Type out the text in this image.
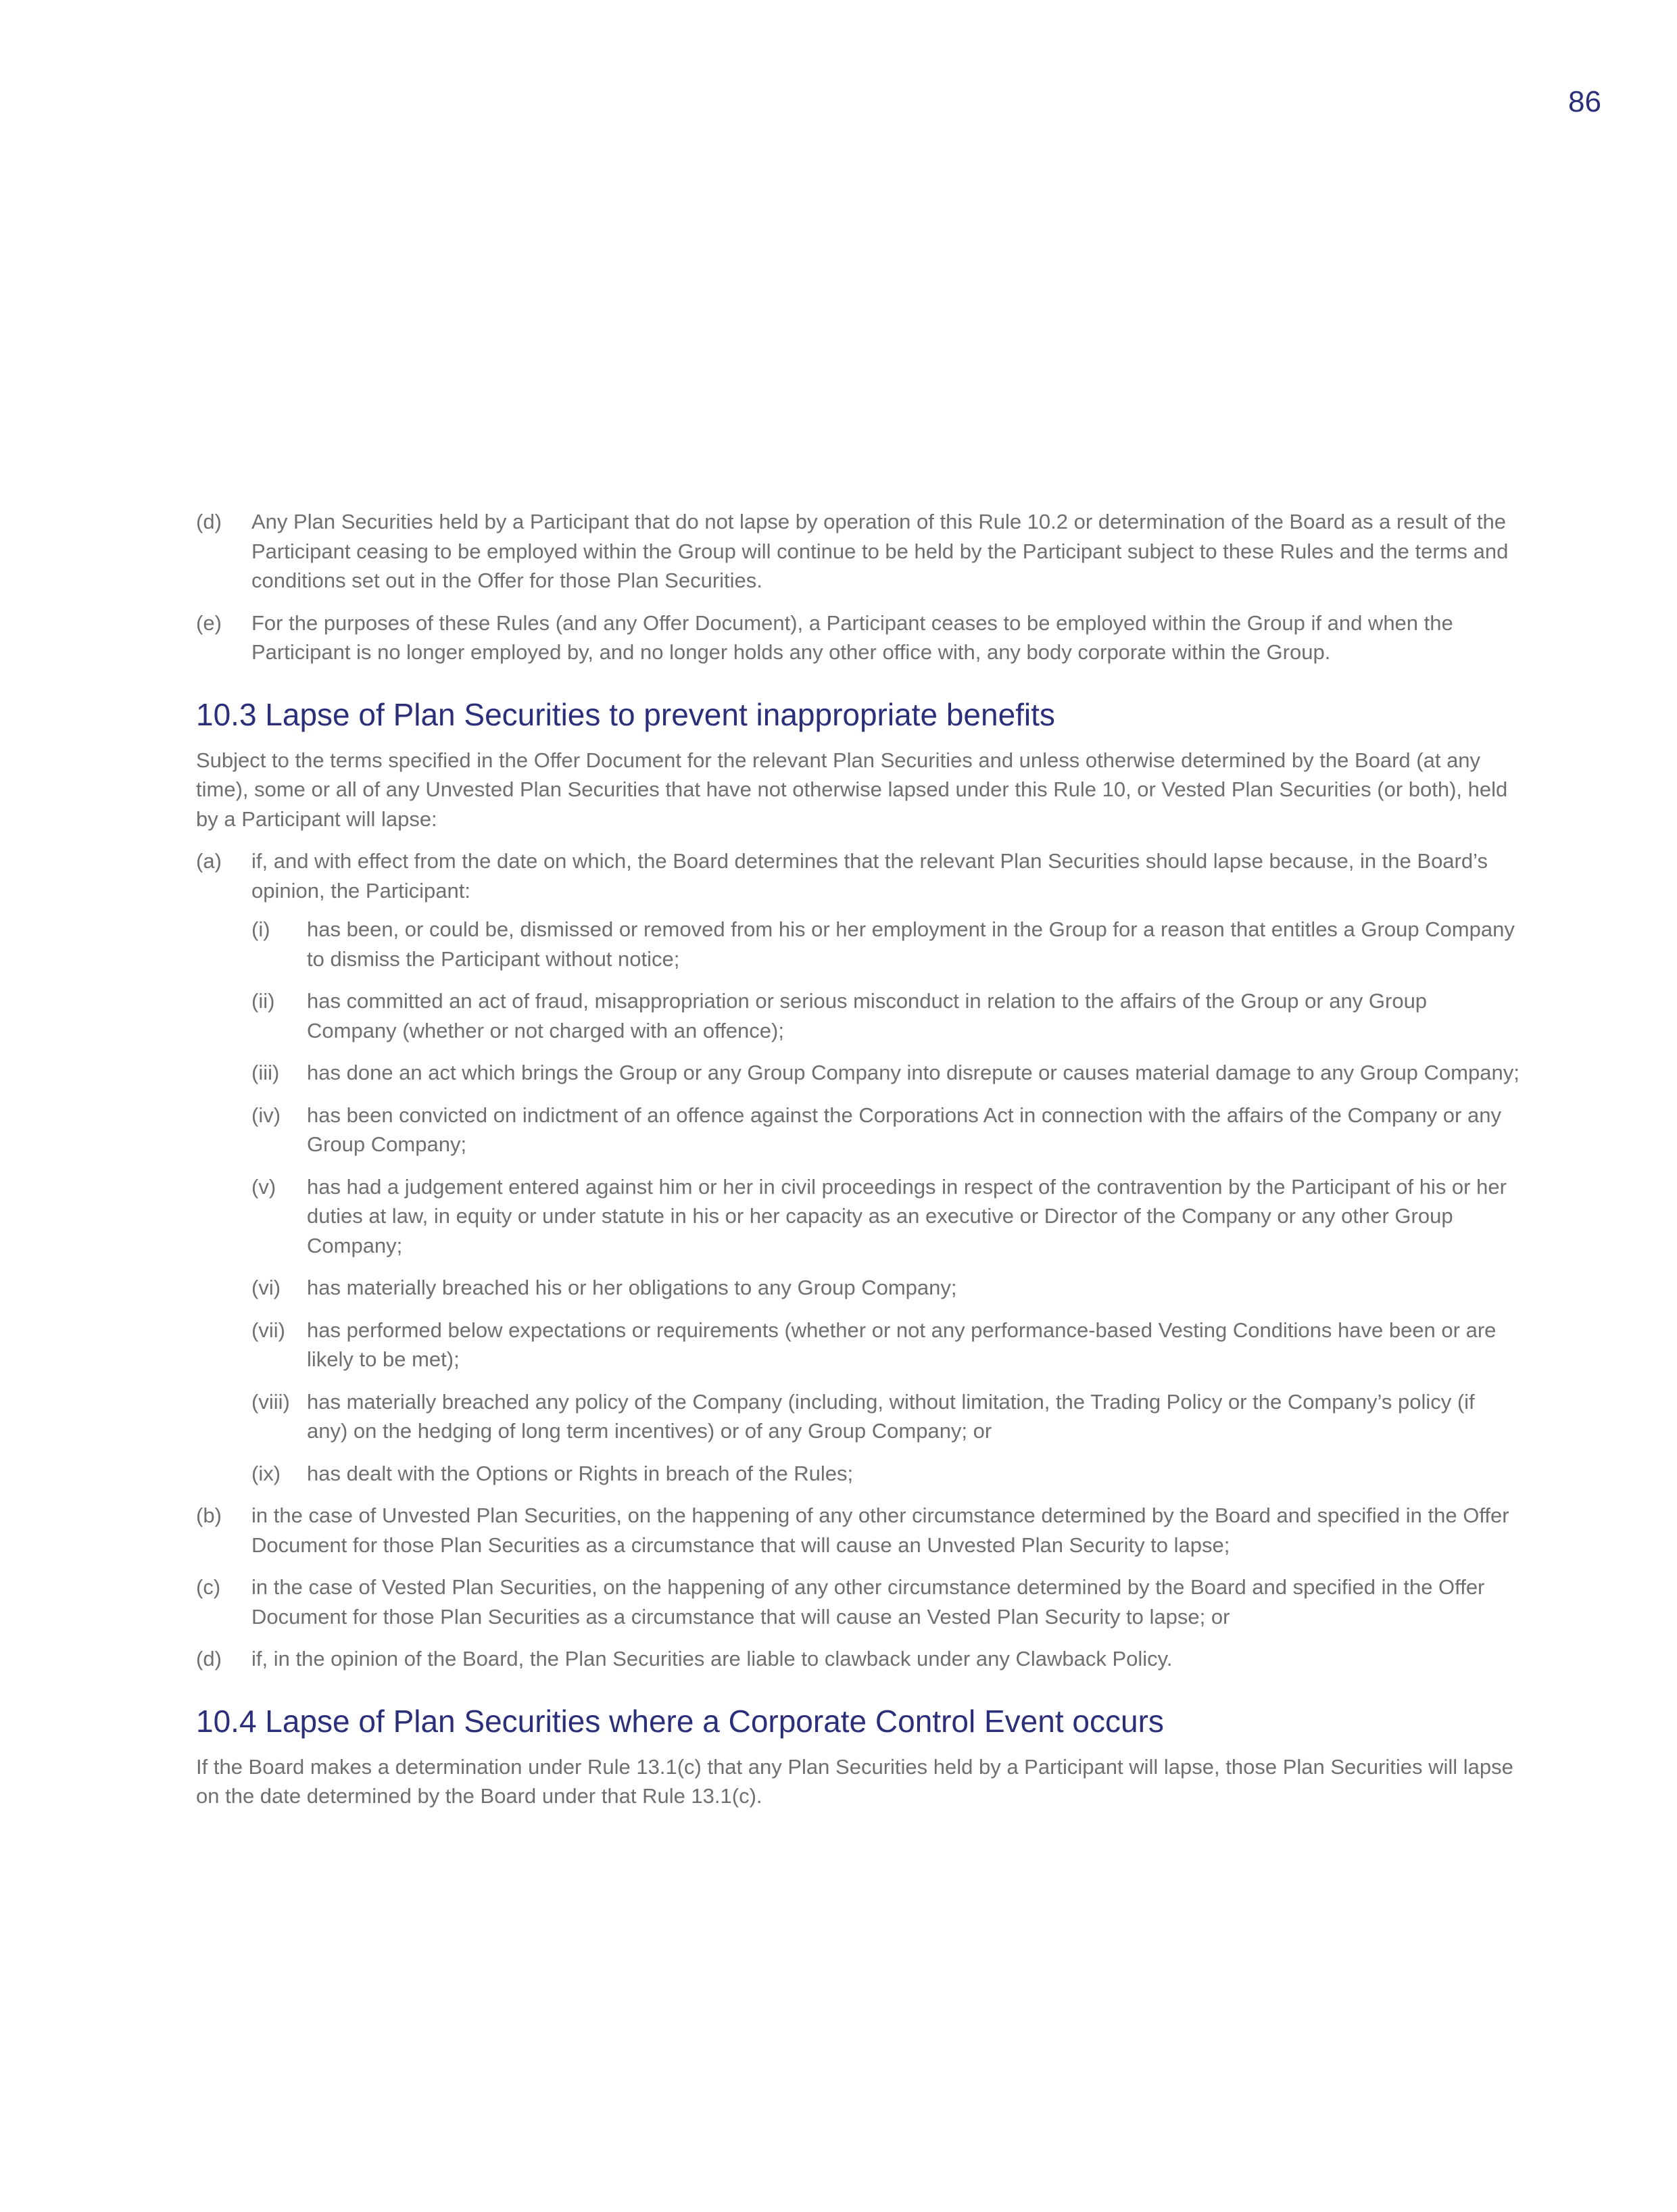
86
(d)	Any Plan Securities held by a Participant that do not lapse by operation of this Rule 10.2 or determination of the Board as a result of the Participant ceasing to be employed within the Group will continue to be held by the Participant subject to these Rules and the terms and conditions set out in the Offer for those Plan Securities.
(e)	For the purposes of these Rules (and any Offer Document), a Participant ceases to be employed within the Group if and when the Participant is no longer employed by, and no longer holds any other office with, any body corporate within the Group.
10.3 Lapse of Plan Securities to prevent inappropriate benefits

Subject to the terms specified in the Offer Document for the relevant Plan Securities and unless otherwise determined by the Board (at any time), some or all of any Unvested Plan Securities that have not otherwise lapsed under this Rule 10, or Vested Plan Securities (or both), held by a Participant will lapse:

(a)	if, and with effect from the date on which, the Board determines that the relevant Plan Securities should lapse because, in the Board’s opinion, the Participant:
(i)	has been, or could be, dismissed or removed from his or her employment in the Group for a reason that entitles a Group Company to dismiss the Participant without notice;
(ii)	has committed an act of fraud, misappropriation or serious misconduct in relation to the affairs of the Group or any Group Company (whether or not charged with an offence);
(iii)	has done an act which brings the Group or any Group Company into disrepute or causes material damage to any Group Company;
(iv)	has been convicted on indictment of an offence against the Corporations Act in connection with the affairs of the Company or any Group Company;
(v)	has had a judgement entered against him or her in civil proceedings in respect of the contravention by the Participant of his or her duties at law, in equity or under statute in his or her capacity as an executive or Director of the Company or any other Group Company;
(vi)	has materially breached his or her obligations to any Group Company;
(vii)	has performed below expectations or requirements (whether or not any performance-based Vesting Conditions have been or are likely to be met);
(viii) has materially breached any policy of the Company (including, without limitation, the Trading Policy or the Company’s policy (if any) on the hedging of long term incentives) or of any Group Company; or
(ix)	has dealt with the Options or Rights in breach of the Rules;
(b)	in the case of Unvested Plan Securities, on the happening of any other circumstance determined by the Board and specified in the Offer Document for those Plan Securities as a circumstance that will cause an Unvested Plan Security to lapse;
(c)	in the case of Vested Plan Securities, on the happening of any other circumstance determined by the Board and specified in the Offer Document for those Plan Securities as a circumstance that will cause an Vested Plan Security to lapse; or
(d)	if, in the opinion of the Board, the Plan Securities are liable to clawback under any Clawback Policy.
10.4 Lapse of Plan Securities where a Corporate Control Event occurs

If the Board makes a determination under Rule 13.1(c) that any Plan Securities held by a Participant will lapse, those Plan Securities will lapse on the date determined by the Board under that Rule 13.1(c).
